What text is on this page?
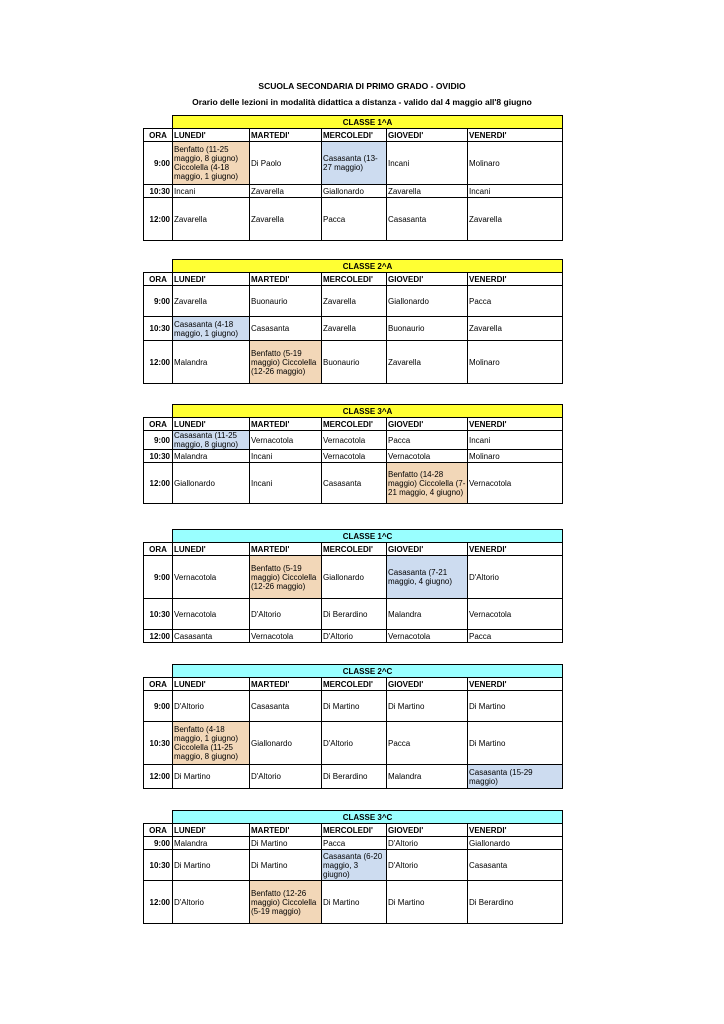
SCUOLA SECONDARIA DI PRIMO GRADO - OVIDIO
Orario delle lezioni in modalità didattica a distanza - valido dal 4 maggio all'8 giugno
	CLASSE 1^A				
ORA	LUNEDI'	MARTEDI'	MERCOLEDI'	GIOVEDI'	VENERDI'
9:00	Benfatto (11-25 maggio, 8 giugno) Ciccolella (4-18 maggio, 1 giugno)	Di Paolo	Casasanta (13-27 maggio)	Incani	Molinaro
10:30	Incani	Zavarella	Giallonardo	Zavarella	Incani
12:00	Zavarella	Zavarella	Pacca	Casasanta	Zavarella
	CLASSE 2^A				
ORA	LUNEDI'	MARTEDI'	MERCOLEDI'	GIOVEDI'	VENERDI'
9:00	Zavarella	Buonaurio	Zavarella	Giallonardo	Pacca
10:30	Casasanta (4-18 maggio, 1 giugno)	Casasanta	Zavarella	Buonaurio	Zavarella
12:00	Malandra	Benfatto (5-19 maggio) Ciccolella (12-26 maggio)	Buonaurio	Zavarella	Molinaro
	CLASSE 3^A				
ORA	LUNEDI'	MARTEDI'	MERCOLEDI'	GIOVEDI'	VENERDI'
9:00	Casasanta (11-25 maggio, 8 giugno)	Vernacotola	Vernacotola	Pacca	Incani
10:30	Malandra	Incani	Vernacotola	Vernacotola	Molinaro
12:00	Giallonardo	Incani	Casasanta	Benfatto (14-28 maggio) Ciccolella (7-21 maggio, 4 giugno)	Vernacotola
	CLASSE 1^C				
ORA	LUNEDI'	MARTEDI'	MERCOLEDI'	GIOVEDI'	VENERDI'
9:00	Vernacotola	Benfatto (5-19 maggio) Ciccolella (12-26 maggio)	Giallonardo	Casasanta (7-21 maggio, 4 giugno)	D'Altorio
10:30	Vernacotola	D'Altorio	Di Berardino	Malandra	Vernacotola
12:00	Casasanta	Vernacotola	D'Altorio	Vernacotola	Pacca
	CLASSE 2^C				
ORA	LUNEDI'	MARTEDI'	MERCOLEDI'	GIOVEDI'	VENERDI'
9:00	D'Altorio	Casasanta	Di Martino	Di Martino	Di Martino
10:30	Benfatto (4-18 maggio, 1 giugno) Ciccolella (11-25 maggio, 8 giugno)	Giallonardo	D'Altorio	Pacca	Di Martino
12:00	Di Martino	D'Altorio	Di Berardino	Malandra	Casasanta (15-29 maggio)
	CLASSE 3^C				
ORA	LUNEDI'	MARTEDI'	MERCOLEDI'	GIOVEDI'	VENERDI'
9:00	Malandra	Di Martino	Pacca	D'Altorio	Giallonardo
10:30	Di Martino	Di Martino	Casasanta (6-20 maggio, 3 giugno)	D'Altorio	Casasanta
12:00	D'Altorio	Benfatto (12-26 maggio) Ciccolella (5-19 maggio)	Di Martino	Di Martino	Di Berardino
